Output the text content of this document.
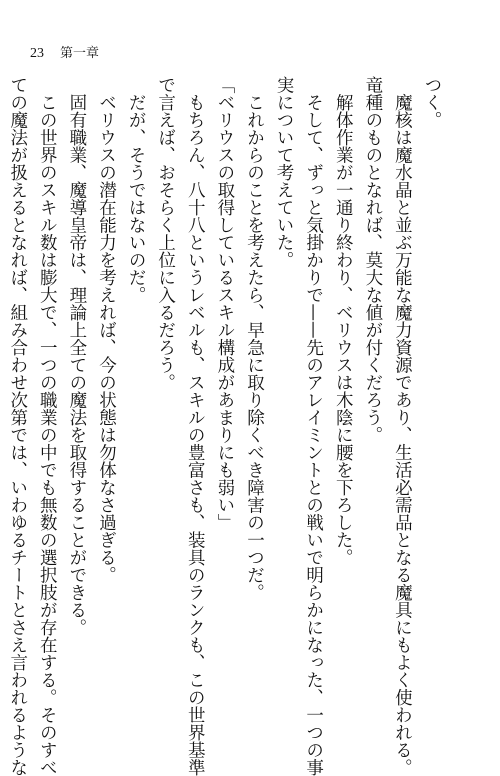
23 第一章
つく。
　魔核は魔水晶と並ぶ万能な魔力資源であり、生活必需品となる魔具にもよく使われる。
竜種のものとなれば、莫大な値が付くだろう。
　解体作業が一通り終わり、ベリウスは木陰に腰を下ろした。
　そして、ずっと気掛かりで——先のアレイミントとの戦いで明らかになった、一つの事
実について考えていた。
　これからのことを考えたら、早急に取り除くべき障害の一つだ。
「ベリウスの取得しているスキル構成があまりにも弱い」
　もちろん、八十八というレベルも、スキルの豊富さも、装具のランクも、この世界基準
で言えば、おそらく上位に入るだろう。
　だが、そうではないのだ。
　ベリウスの潜在能力を考えれば、今の状態は勿体なさ過ぎる。
　固有職業、魔導皇帝は、理論上全ての魔法を取得することができる。
　この世界のスキル数は膨大で、一つの職業の中でも無数の選択肢が存在する。そのすべ
ての魔法が扱えるとなれば、組み合わせ次第では、いわゆるチートとさえ言われるような
